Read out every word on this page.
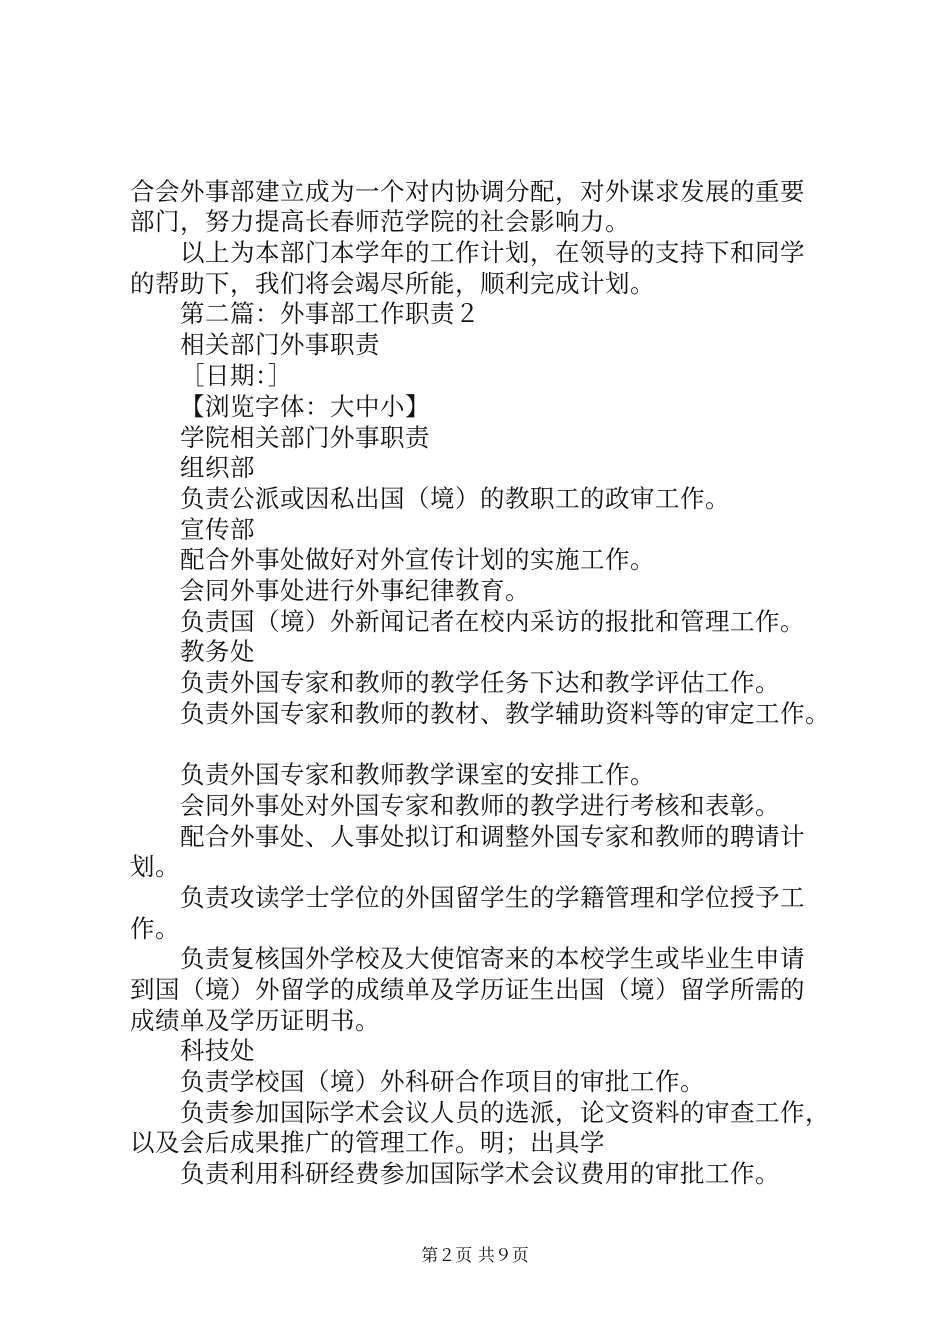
合会外事部建立成为一个对内协调分配，对外谋求发展的重要
部门，努力提高长春师范学院的社会影响力。
以上为本部门本学年的工作计划，在领导的支持下和同学
的帮助下，我们将会竭尽所能，顺利完成计划。
第二篇：外事部工作职责２
相关部门外事职责
［日期：］
【浏览字体：大中小】
学院相关部门外事职责
组织部
负责公派或因私出国（境）的教职工的政审工作。
宣传部
配合外事处做好对外宣传计划的实施工作。
会同外事处进行外事纪律教育。
负责国（境）外新闻记者在校内采访的报批和管理工作。
教务处
负责外国专家和教师的教学任务下达和教学评估工作。
负责外国专家和教师的教材、教学辅助资料等的审定工作。
负责外国专家和教师教学课室的安排工作。
会同外事处对外国专家和教师的教学进行考核和表彰。
配合外事处、人事处拟订和调整外国专家和教师的聘请计
划。
负责攻读学士学位的外国留学生的学籍管理和学位授予工
作。
负责复核国外学校及大使馆寄来的本校学生或毕业生申请
到国（境）外留学的成绩单及学历证生出国（境）留学所需的
成绩单及学历证明书。
科技处
负责学校国（境）外科研合作项目的审批工作。
负责参加国际学术会议人员的选派，论文资料的审查工作，
以及会后成果推广的管理工作。明；出具学
负责利用科研经费参加国际学术会议费用的审批工作。
第２页 共９页
